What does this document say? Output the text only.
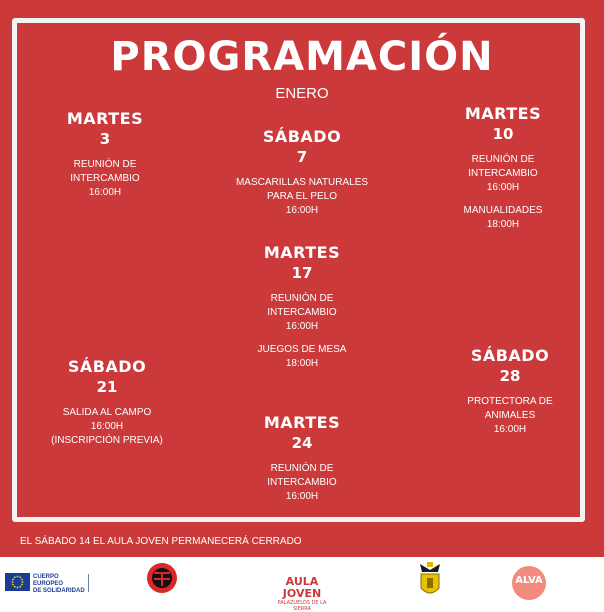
PROGRAMACIÓN
ENERO
MARTES
3
REUNIÓN DE
INTERCAMBIO
16:00H
SÁBADO
7
MASCARILLAS NATURALES
PARA EL PELO
16:00H
MARTES
10
REUNIÓN DE
INTERCAMBIO
16:00H
MANUALIDADES
18:00H
MARTES
17
REUNIÓN DE
INTERCAMBIO
16:00H
JUEGOS DE MESA
18:00H
SÁBADO
21
SALIDA AL CAMPO
16:00H
(INSCRIPCIÓN PREVIA)
SÁBADO
28
PROTECTORA DE
ANIMALES
16:00H
MARTES
24
REUNIÓN DE
INTERCAMBIO
16:00H
EL SÁBADO 14 EL AULA JOVEN PERMANECERÁ CERRADO
CUERPO
EUROPEO
DE SOLIDARIDAD
AULA JOVEN
PALAZUELOS DE LA SIERRA
ALVA
